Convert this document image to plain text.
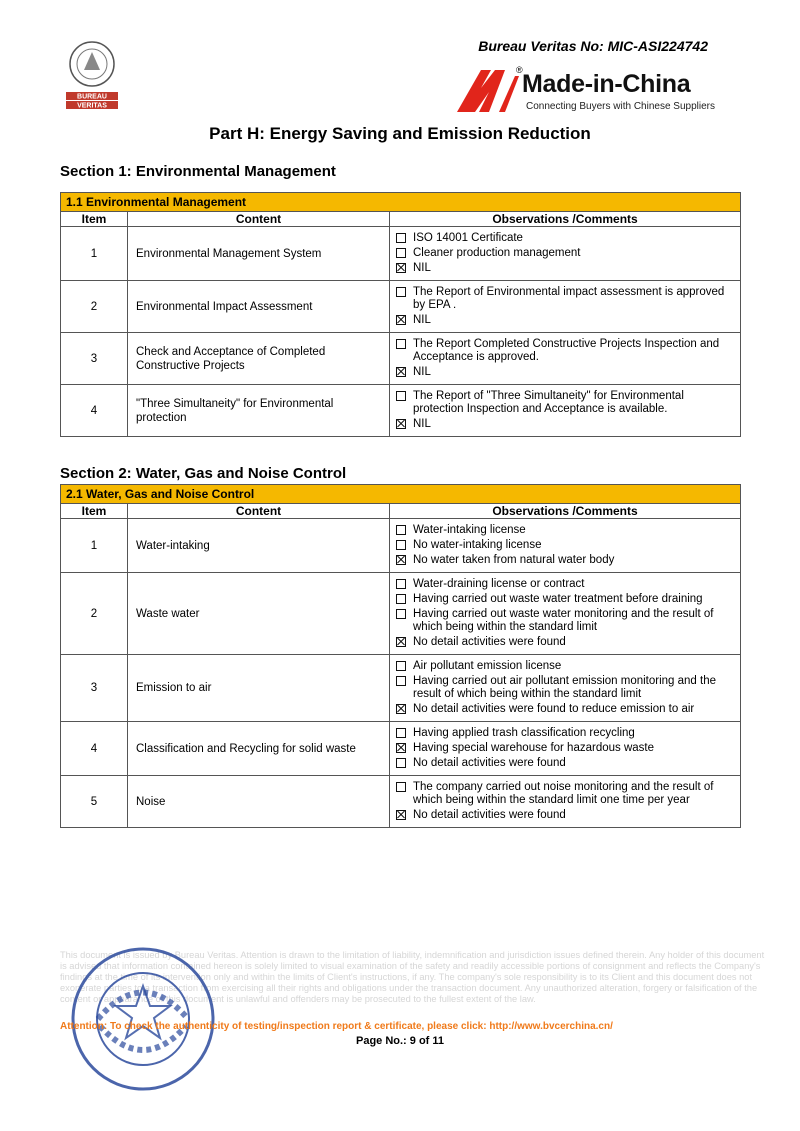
BUREAU
VERITAS
Bureau Veritas No: MIC-ASI224742
® Made-in-China
Connecting Buyers with Chinese Suppliers
Part H: Energy Saving and Emission Reduction
Section 1: Environmental Management
1.1 Environmental Management		
Item	Content	Observations /Comments
1	Environmental Management System	ISO 14001 Certificate
Cleaner production management
NIL

2	Environmental Impact Assessment	The Report of Environmental impact assessment is approved by EPA .
NIL

3	Check and Acceptance of Completed Constructive Projects	The Report Completed Constructive Projects Inspection and Acceptance is approved.
NIL

4	"Three Simultaneity" for Environmental protection	The Report of "Three Simultaneity" for Environmental protection Inspection and Acceptance is available.
NIL
Section 2: Water, Gas and Noise Control
2.1 Water, Gas and Noise Control		
Item	Content	Observations /Comments
1	Water-intaking	Water-intaking license
No water-intaking license
No water taken from natural water body

2	Waste water	Water-draining license or contract
Having carried out waste water treatment before draining
Having carried out waste water monitoring and the result of which being within the standard limit
No detail activities were found

3	Emission to air	Air pollutant emission license
Having carried out air pollutant emission monitoring and the result of which being within the standard limit
No detail activities were found to reduce emission to air

4	Classification and Recycling for solid waste	Having applied trash classification recycling
Having special warehouse for hazardous waste
No detail activities were found

5	Noise	The company carried out noise monitoring and the result of which being within the standard limit one time per year
No detail activities were found
This document is issued by Bureau Veritas. Attention is drawn to the limitation of liability, indemnification and jurisdiction issues defined therein. Any holder of this document is advised that information contained hereon is solely limited to visual examination of the safety and readily accessible portions of consignment and reflects the Company's findings at the time of its intervention only and within the limits of Client's instructions, if any. The company's sole responsibility is to its Client and this document does not exonerate parties to a transaction from exercising all their rights and obligations under the transaction document. Any unauthorized alteration, forgery or falsification of the content or appearance of this document is unlawful and offenders may be prosecuted to the fullest extent of the law.
Attention: To check the authenticity of testing/inspection report & certificate, please click: http://www.bvcerchina.cn/
Page No.: 9 of 11
